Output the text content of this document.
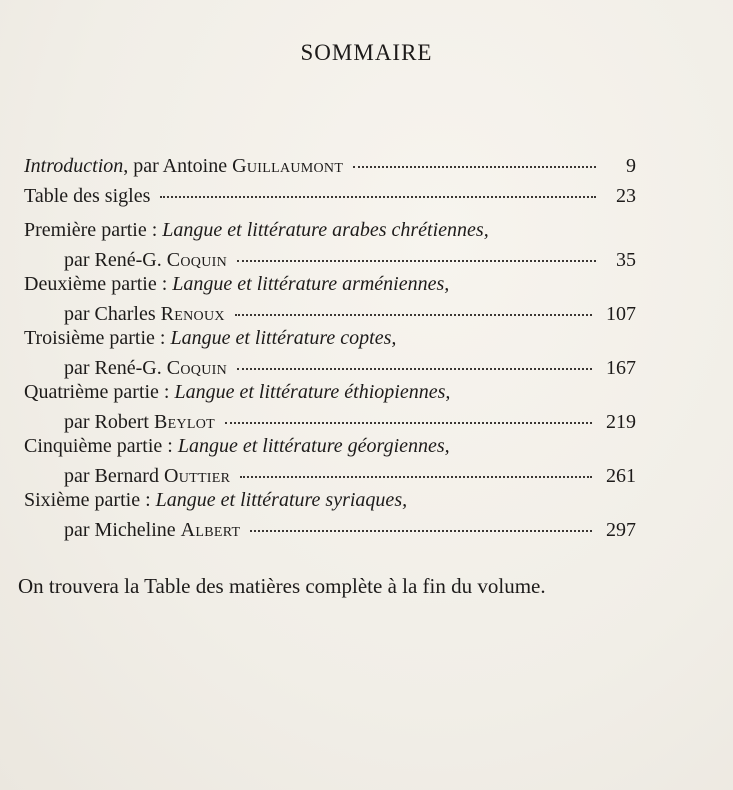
SOMMAIRE
Introduction, par Antoine Guillaumont	9
Table des sigles	23
Première partie :
Langue et littérature arabes chrétiennes,
par René-G. Coquin	35
Deuxième partie :
Langue et littérature arméniennes,
par Charles Renoux	107
Troisième partie :
Langue et littérature coptes,
par René-G. Coquin	167
Quatrième partie :
Langue et littérature éthiopiennes,
par Robert Beylot	219
Cinquième partie :
Langue et littérature géorgiennes,
par Bernard Outtier	261
Sixième partie :
Langue et littérature syriaques,
par Micheline Albert	297
On trouvera la Table des matières complète à la fin du volume.
